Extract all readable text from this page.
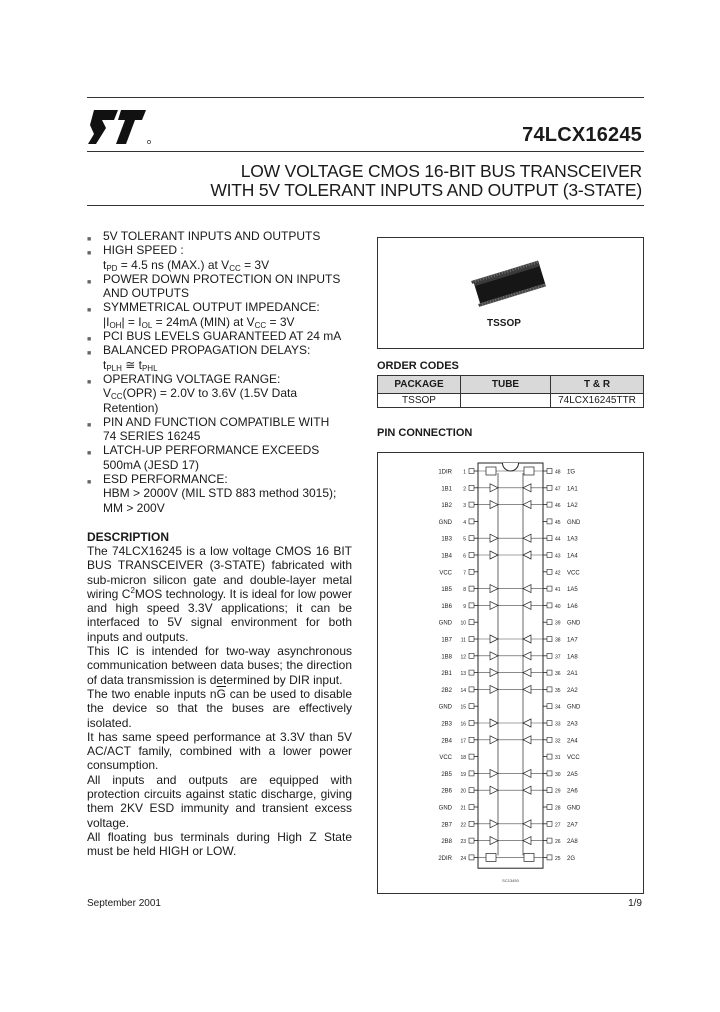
74LCX16245
LOW VOLTAGE CMOS 16-BIT BUS TRANSCEIVER
WITH 5V TOLERANT INPUTS AND OUTPUT (3-STATE)
■ 5V TOLERANT INPUTS AND OUTPUTS
■ HIGH SPEED :
$t_{PD} = 4.5$ ns (MAX.) at $V_{CC} = 3V$
■ POWER DOWN PROTECTION ON INPUTS
AND OUTPUTS
■ SYMMETRICAL OUTPUT IMPEDANCE:
$|I_{OH}| = I_{OL} = 24mA$ (MIN) at $V_{CC} = 3V$
■ PCI BUS LEVELS GUARANTEED AT 24 mA
■ BALANCED PROPAGATION DELAYS:
$t_{PLH}$ ≅ $t_{PHL}$
■ OPERATING VOLTAGE RANGE:
$V_{CC}(OPR) = 2.0V$ to 3.6V (1.5V Data
Retention)
■ PIN AND FUNCTION COMPATIBLE WITH
74 SERIES 16245
■ LATCH-UP PERFORMANCE EXCEEDS
500mA (JESD 17)
■ ESD PERFORMANCE:
HBM > 2000V (MIL STD 883 method 3015);
MM > 200V
DESCRIPTION

The 74LCX16245 is a low voltage CMOS 16 BIT BUS TRANSCEIVER (3-STATE) fabricated with sub-micron silicon gate and double-layer metal wiring $C^2MOS$ technology. It is ideal for low power and high speed 3.3V applications; it can be interfaced to 5V signal environment for both inputs and outputs.

This IC is intended for two-way asynchronous communication between data buses; the direction of data transmission is determined by DIR input.

The two enable inputs $n\overline{G}$ can be used to disable the device so that the buses are effectively isolated.

It has same speed performance at 3.3V than 5V AC/ACT family, combined with a lower power consumption.

All inputs and outputs are equipped with protection circuits against static discharge, giving them 2KV ESD immunity and transient excess voltage.

All floating bus terminals during High Z State must be held HIGH or LOW.

TSSOP
ORDER CODES
PACKAGE	TUBE	T & R
TSSOP		74LCX16245TTR
PIN CONNECTION
1DIR 1	48 1G
1B1 2	47 1A1
1B2 3	46 1A2
GND 4	45 GND
1B3 5	44 1A3
1B4 6	43 1A4
VCC 7	42 VCC
1B5 8	41 1A5
1B6 9	40 1A6
GND 10	39 GND
1B7 11	38 1A7
1B8 12	37 1A8
2B1 13	36 2A1
2B2 14	35 2A2
GND 15	34 GND
2B3 16	33 2A3
2B4 17	32 2A4
VCC 18	31 VCC
2B5 19	30 2A5
2B6 20	29 2A6
GND 21	28 GND
2B7 22	27 2A7
2B8 23	26 2A8
2DIR 24	25 2G
SC13450
September 2001	1/9
